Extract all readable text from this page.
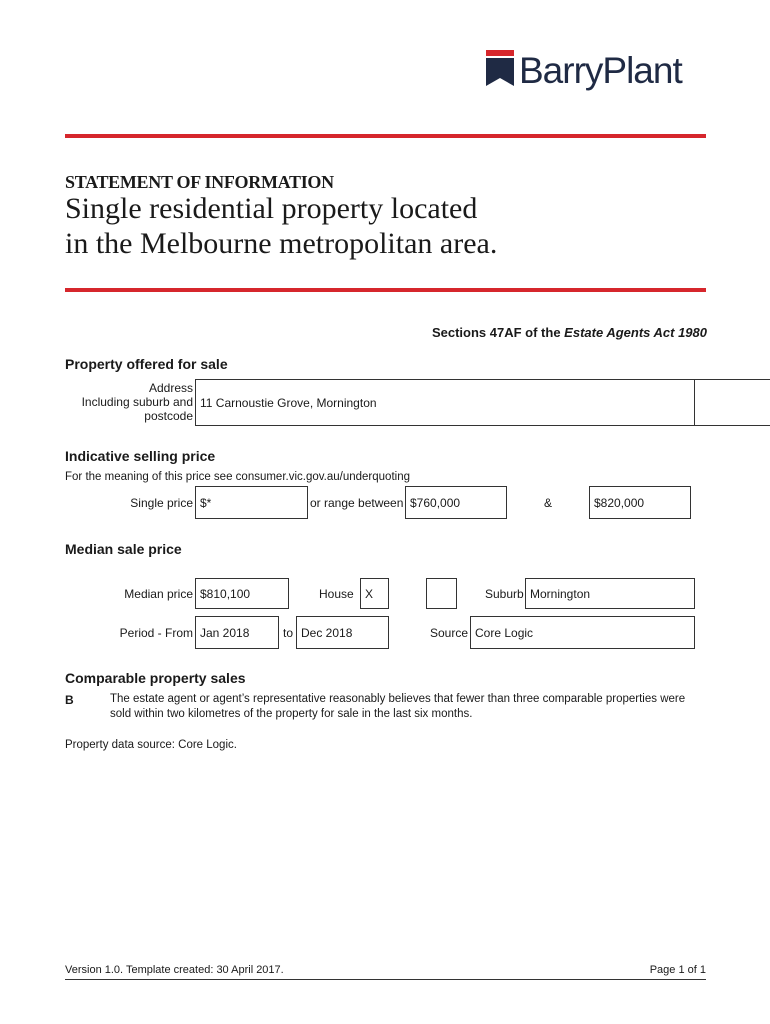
BarryPlant
STATEMENT OF INFORMATION
Single residential property located
in the Melbourne metropolitan area.
Sections 47AF of the Estate Agents Act 1980
Property offered for sale
Address
Including suburb and
postcode
11 Carnoustie Grove, Mornington
Indicative selling price
For the meaning of this price see consumer.vic.gov.au/underquoting
Single price $*	or range between $760,000	&	$820,000
Median sale price
Median price $810,100	House X	Suburb Mornington
Period - From Jan 2018	to Dec 2018	Source Core Logic
Comparable property sales
B	The estate agent or agent’s representative reasonably believes that fewer than three comparable properties were
sold within two kilometres of the property for sale in the last six months.
Property data source: Core Logic.
Version 1.0. Template created: 30 April 2017.	Page 1 of 1
